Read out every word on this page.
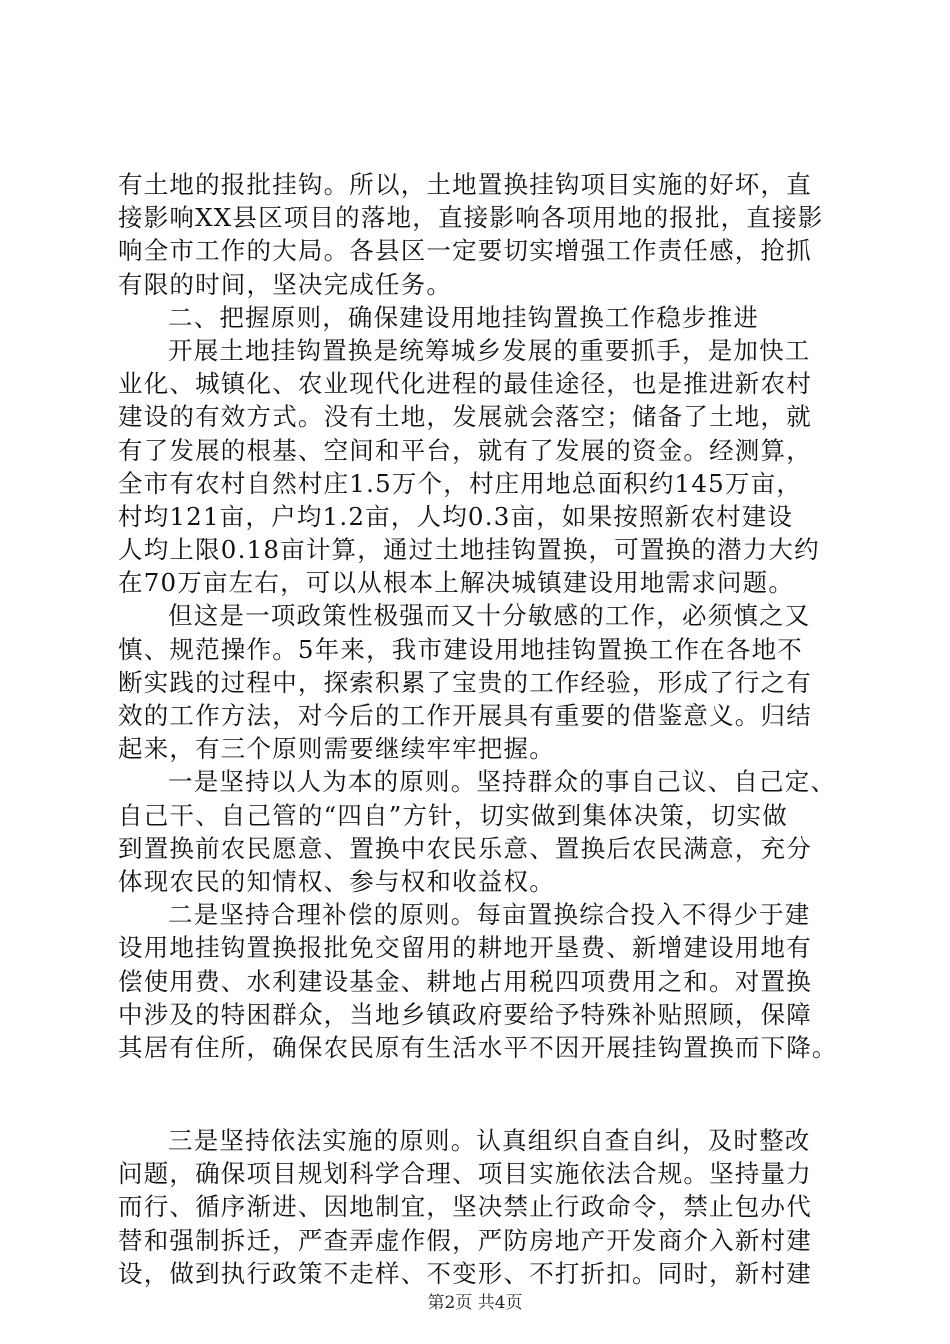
有土地的报批挂钩。所以，土地置换挂钩项目实施的好坏，直
接影响XX县区项目的落地，直接影响各项用地的报批，直接影
响全市工作的大局。各县区一定要切实增强工作责任感，抢抓
有限的时间，坚决完成任务。
二、把握原则，确保建设用地挂钩置换工作稳步推进
开展土地挂钩置换是统筹城乡发展的重要抓手，是加快工
业化、城镇化、农业现代化进程的最佳途径，也是推进新农村
建设的有效方式。没有土地，发展就会落空；储备了土地，就
有了发展的根基、空间和平台，就有了发展的资金。经测算，
全市有农村自然村庄1.5万个，村庄用地总面积约145万亩，
村均121亩，户均1.2亩，人均0.3亩，如果按照新农村建设
人均上限0.18亩计算，通过土地挂钩置换，可置换的潜力大约
在70万亩左右，可以从根本上解决城镇建设用地需求问题。
但这是一项政策性极强而又十分敏感的工作，必须慎之又
慎、规范操作。5年来，我市建设用地挂钩置换工作在各地不
断实践的过程中，探索积累了宝贵的工作经验，形成了行之有
效的工作方法，对今后的工作开展具有重要的借鉴意义。归结
起来，有三个原则需要继续牢牢把握。
一是坚持以人为本的原则。坚持群众的事自己议、自己定、
自己干、自己管的“四自”方针，切实做到集体决策，切实做
到置换前农民愿意、置换中农民乐意、置换后农民满意，充分
体现农民的知情权、参与权和收益权。
二是坚持合理补偿的原则。每亩置换综合投入不得少于建
设用地挂钩置换报批免交留用的耕地开垦费、新增建设用地有
偿使用费、水利建设基金、耕地占用税四项费用之和。对置换
中涉及的特困群众，当地乡镇政府要给予特殊补贴照顾，保障
其居有住所，确保农民原有生活水平不因开展挂钩置换而下降。
三是坚持依法实施的原则。认真组织自查自纠，及时整改
问题，确保项目规划科学合理、项目实施依法合规。坚持量力
而行、循序渐进、因地制宜，坚决禁止行政命令，禁止包办代
替和强制拆迁，严查弄虚作假，严防房地产开发商介入新村建
设，做到执行政策不走样、不变形、不打折扣。同时，新村建
第2页 共4页
